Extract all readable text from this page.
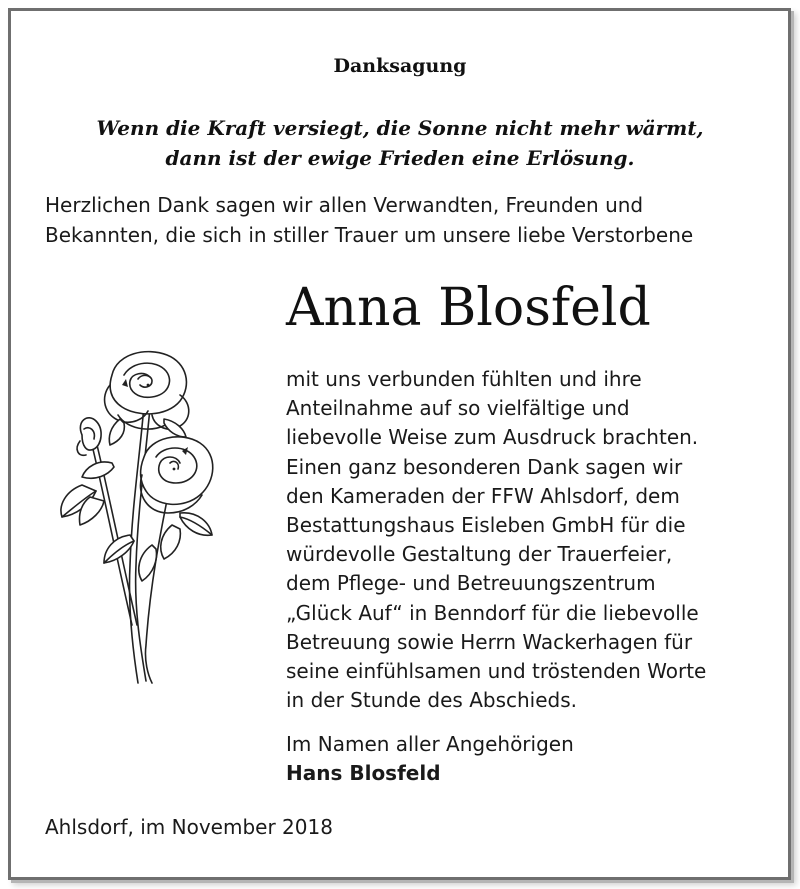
Danksagung
Wenn die Kraft versiegt, die Sonne nicht mehr wärmt,
dann ist der ewige Frieden eine Erlösung.
Herzlichen Dank sagen wir allen Verwandten, Freunden und
Bekannten, die sich in stiller Trauer um unsere liebe Verstorbene
Anna Blosfeld
mit uns verbunden fühlten und ihre
Anteilnahme auf so vielfältige und
liebevolle Weise zum Ausdruck brachten.
Einen ganz besonderen Dank sagen wir
den Kameraden der FFW Ahlsdorf, dem
Bestattungshaus Eisleben GmbH für die
würdevolle Gestaltung der Trauerfeier,
dem Pflege- und Betreuungszentrum
„Glück Auf“ in Benndorf für die liebevolle
Betreuung sowie Herrn Wackerhagen für
seine einfühlsamen und tröstenden Worte
in der Stunde des Abschieds.
Im Namen aller Angehörigen
Hans Blosfeld
Ahlsdorf, im November 2018
